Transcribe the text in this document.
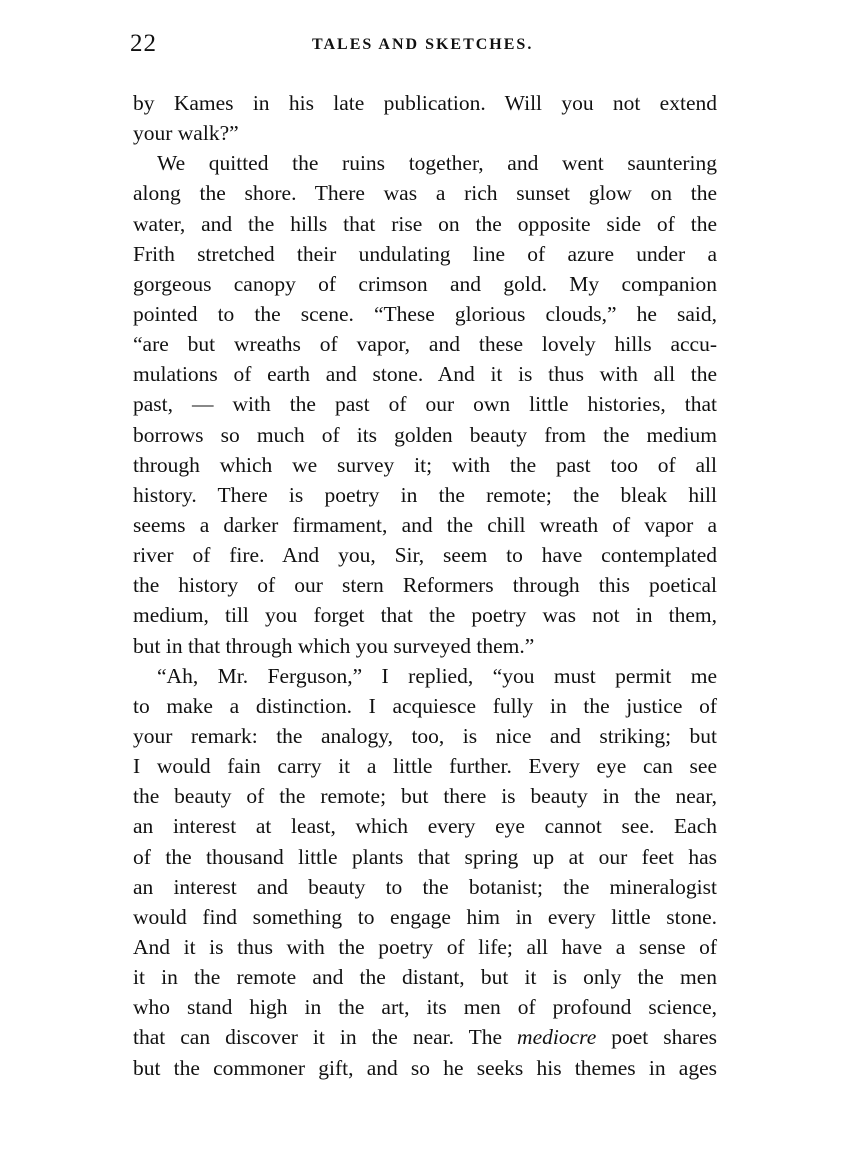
22	TALES AND SKETCHES.
by Kames in his late publication. Will you not extend
your walk?”
We quitted the ruins together, and went sauntering
along the shore. There was a rich sunset glow on the
water, and the hills that rise on the opposite side of the
Frith stretched their undulating line of azure under a
gorgeous canopy of crimson and gold. My companion
pointed to the scene. “These glorious clouds,” he said,
“are but wreaths of vapor, and these lovely hills accu-
mulations of earth and stone. And it is thus with all the
past, — with the past of our own little histories, that
borrows so much of its golden beauty from the medium
through which we survey it; with the past too of all
history. There is poetry in the remote; the bleak hill
seems a darker firmament, and the chill wreath of vapor a
river of fire. And you, Sir, seem to have contemplated
the history of our stern Reformers through this poetical
medium, till you forget that the poetry was not in them,
but in that through which you surveyed them.”
“Ah, Mr. Ferguson,” I replied, “you must permit me
to make a distinction. I acquiesce fully in the justice of
your remark: the analogy, too, is nice and striking; but
I would fain carry it a little further. Every eye can see
the beauty of the remote; but there is beauty in the near,
an interest at least, which every eye cannot see. Each
of the thousand little plants that spring up at our feet has
an interest and beauty to the botanist; the mineralogist
would find something to engage him in every little stone.
And it is thus with the poetry of life; all have a sense of
it in the remote and the distant, but it is only the men
who stand high in the art, its men of profound science,
that can discover it in the near. The mediocre poet shares
but the commoner gift, and so he seeks his themes in ages
